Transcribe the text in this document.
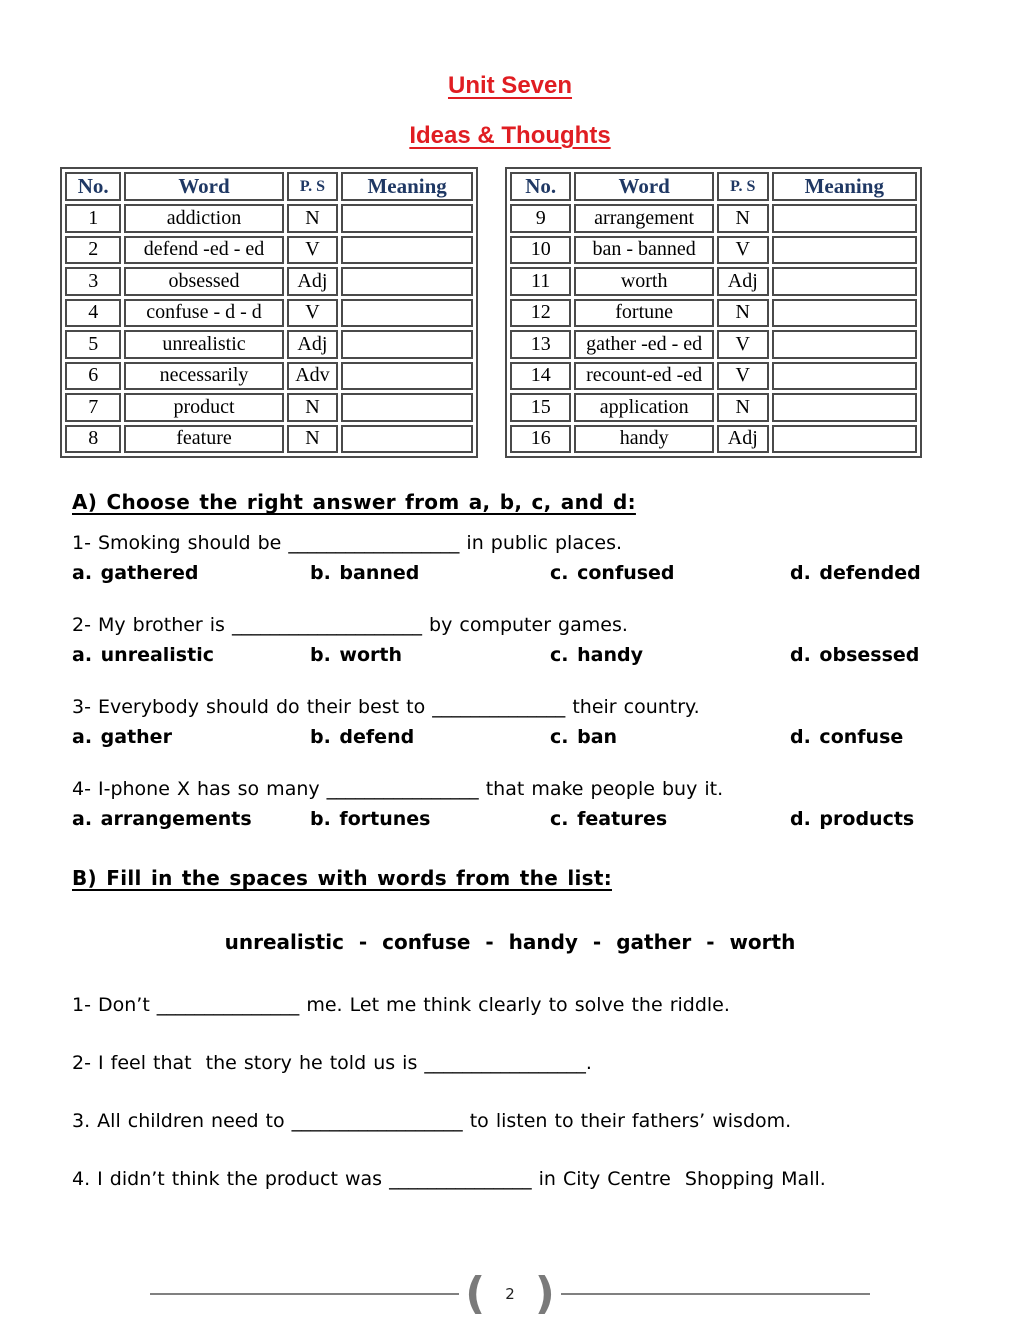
Unit Seven
Ideas & Thoughts
No.	Word	P. S	Meaning
1	addiction	N	
2	defend -ed - ed	V	
3	obsessed	Adj	
4	confuse - d - d	V	
5	unrealistic	Adj	
6	necessarily	Adv	
7	product	N	
8	feature	N	
No.	Word	P. S	Meaning
9	arrangement	N	
10	ban - banned	V	
11	worth	Adj	
12	fortune	N	
13	gather -ed - ed	V	
14	recount-ed -ed	V	
15	application	N	
16	handy	Adj	
A) Choose the right answer from a, b, c, and d:
1- Smoking should be __________________ in public places.
a. gathered	b. banned	c. confused	d. defended
2- My brother is ____________________ by computer games.
a. unrealistic	b. worth	c. handy	d. obsessed
3- Everybody should do their best to ______________ their country.
a. gather	b. defend	c. ban	d. confuse
4- I-phone X has so many ________________ that make people buy it.
a. arrangements	b. fortunes	c. features	d. products
B) Fill in the spaces with words from the list:
unrealistic - confuse - handy - gather - worth
1- Don’t _______________ me. Let me think clearly to solve the riddle.
2- I feel that  the story he told us is _________________.
3. All children need to __________________ to listen to their fathers’ wisdom.
4. I didn’t think the product was _______________ in City Centre  Shopping Mall.
(	2 )
